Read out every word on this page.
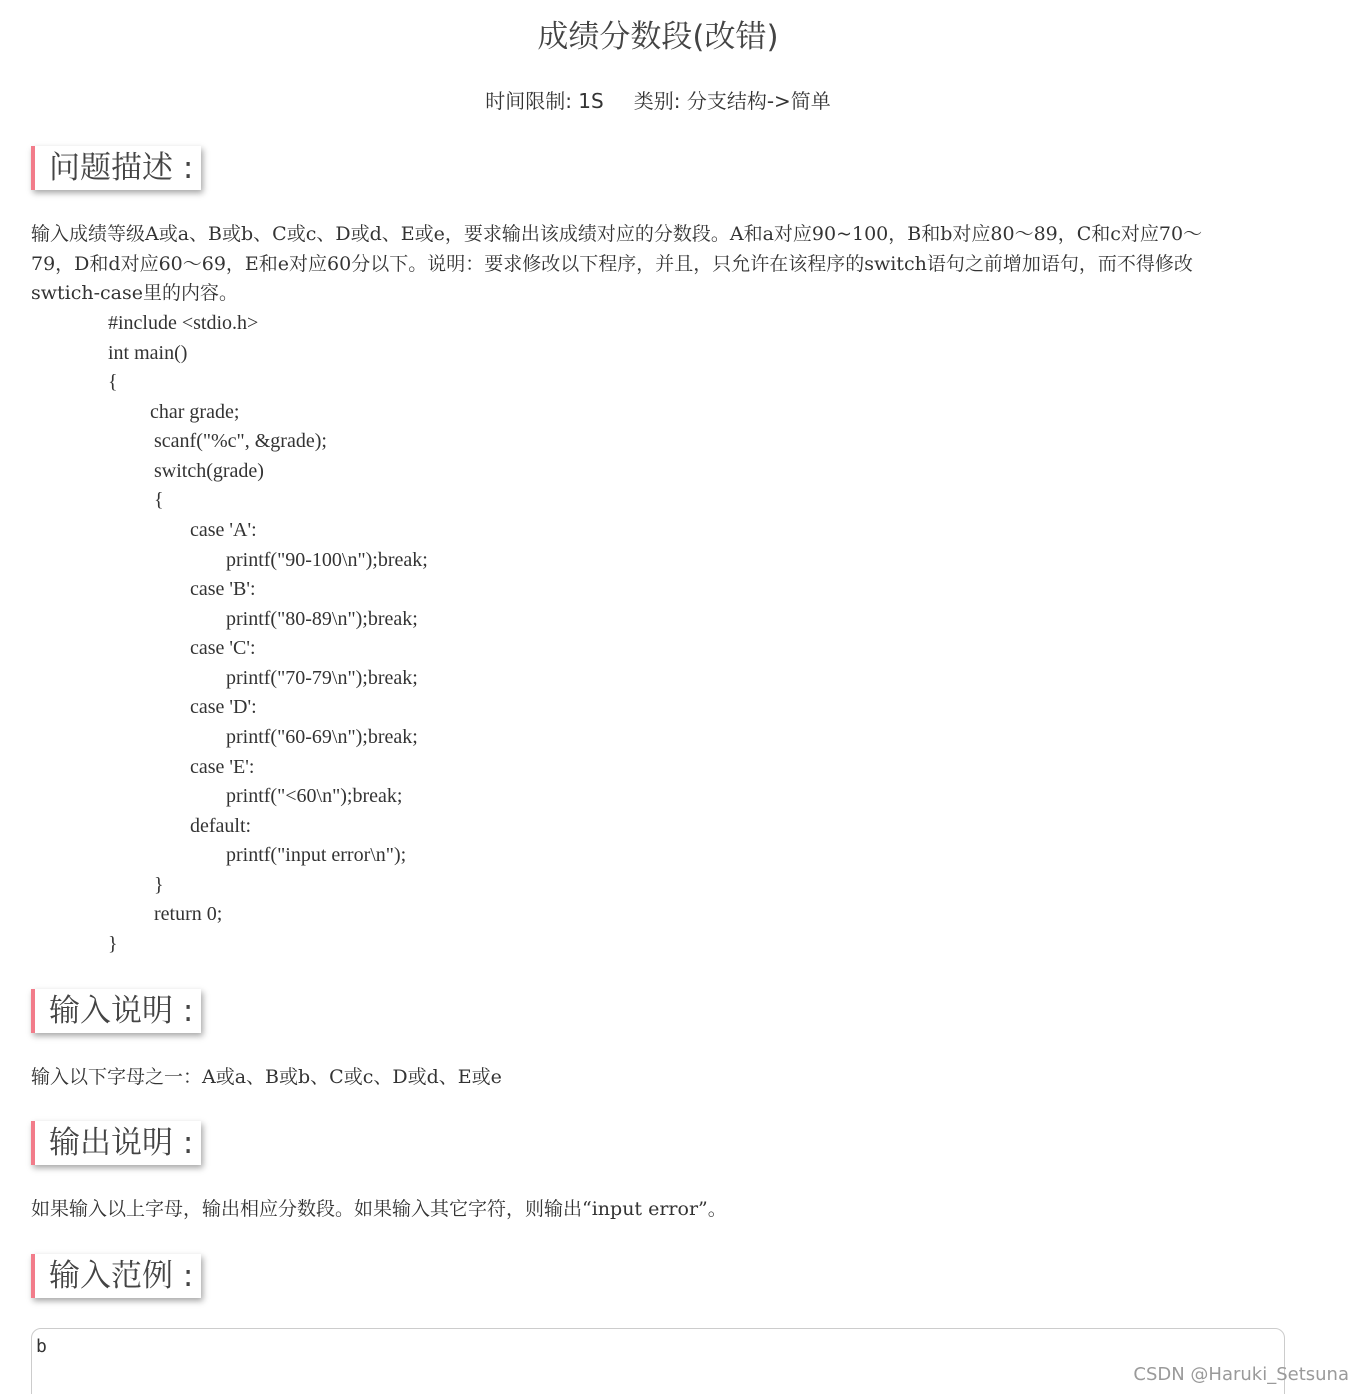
成绩分数段(改错)
时间限制: 1S 类别: 分支结构->简单
问题描述 :
输入成绩等级A或a、B或b、C或c、D或d、E或e，要求输出该成绩对应的分数段。A和a对应90~100，B和b对应80～89，C和c对应70～
79，D和d对应60～69，E和e对应60分以下。说明：要求修改以下程序，并且，只允许在该程序的switch语句之前增加语句，而不得修改
swtich-case里的内容。
#include <stdio.h>
int main()
{
char grade;
scanf("%c", &grade);
switch(grade)
{
case 'A':
printf("90-100\n");break;
case 'B':
printf("80-89\n");break;
case 'C':
printf("70-79\n");break;
case 'D':
printf("60-69\n");break;
case 'E':
printf("<60\n");break;
default:
printf("input error\n");
}
return 0;
}
输入说明 :
输入以下字母之一：A或a、B或b、C或c、D或d、E或e
输出说明 :
如果输入以上字母，输出相应分数段。如果输入其它字符，则输出“input error”。
输入范例 :
b
CSDN @Haruki_Setsuna
